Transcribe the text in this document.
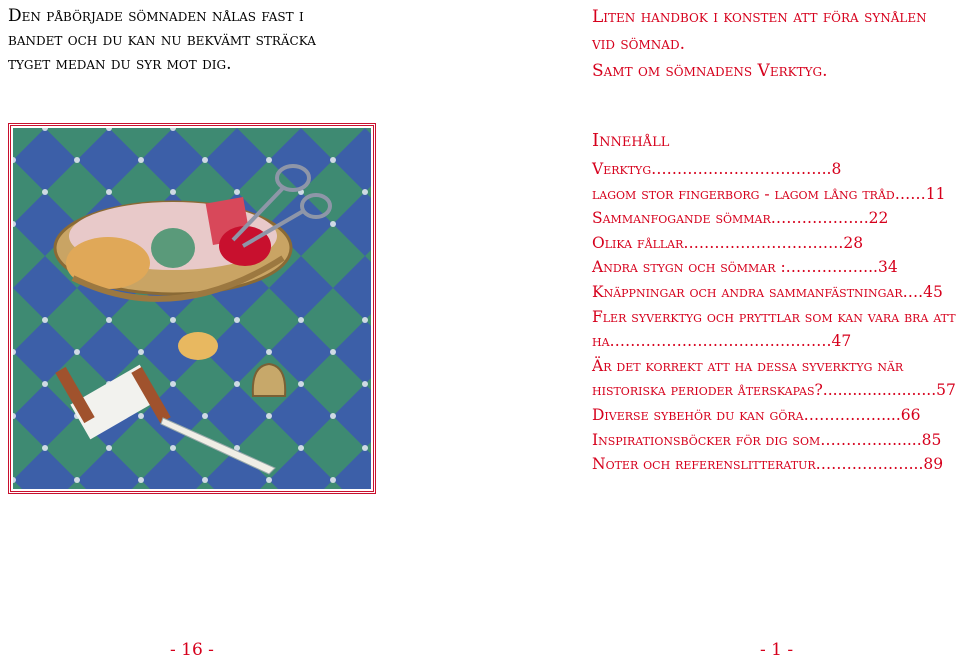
Den påbörjade sömnaden nålas fast i
bandet och du kan nu bekvämt sträcka
tyget medan du syr mot dig.
- 16 -
Liten handbok i konsten att föra synålen
vid sömnad.
Samt om sömnadens Verktyg.
Innehåll
Verktyg……………………………..8
lagom stor fingerborg - lagom lång tråd……11
Sammanfogande sömmar……………….22
Olika fållar………………………….28
Andra stygn och sömmar :……………...34
Knäppningar och andra sammanfästningar….45
Fler syverktyg och pryttlar som kan vara bra att
ha…………………………………….47
Är det korrekt att ha dessa syverktyg när
historiska perioder återskapas?.......................57
Diverse sybehör du kan göra……………....66
Inspirationsböcker för dig som…………........85
Noter och referenslitteratur………………...89
- 1 -
